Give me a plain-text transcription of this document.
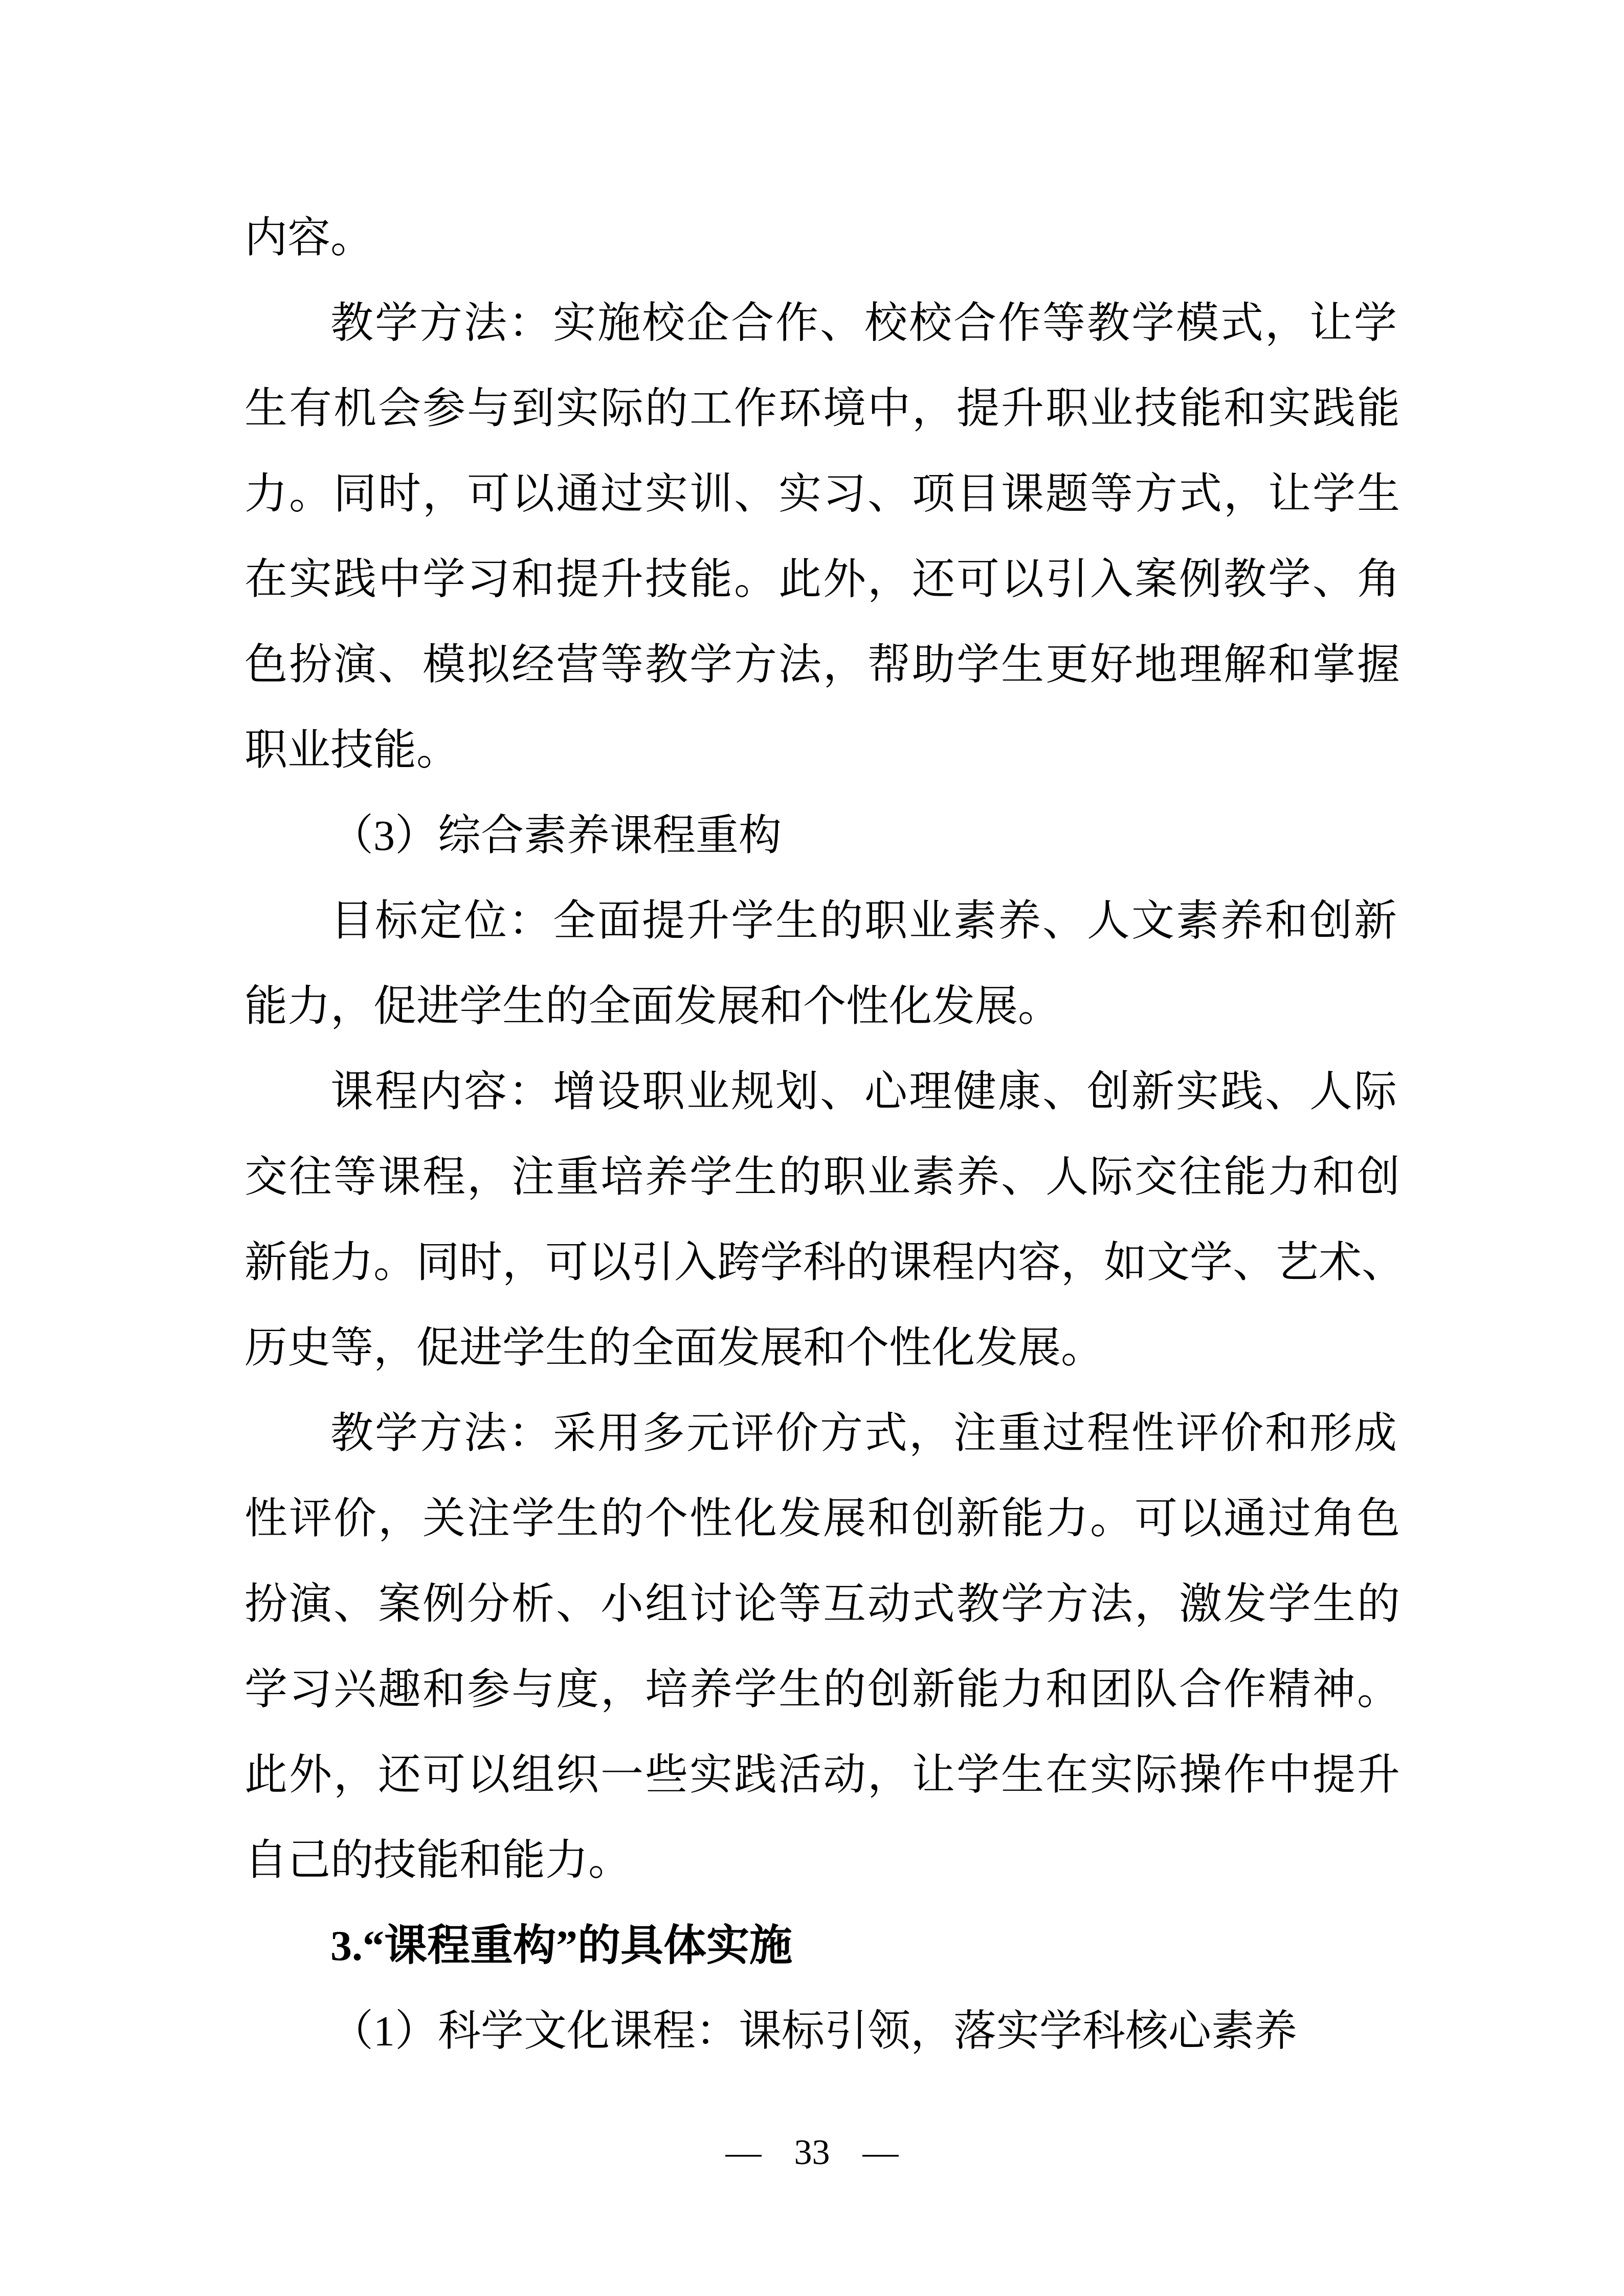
内容。
教学方法：实施校企合作、校校合作等教学模式，让学
生有机会参与到实际的工作环境中，提升职业技能和实践能
力。同时，可以通过实训、实习、项目课题等方式，让学生
在实践中学习和提升技能。此外，还可以引入案例教学、角
色扮演、模拟经营等教学方法，帮助学生更好地理解和掌握
职业技能。
（3）综合素养课程重构
目标定位：全面提升学生的职业素养、人文素养和创新
能力，促进学生的全面发展和个性化发展。
课程内容：增设职业规划、心理健康、创新实践、人际
交往等课程，注重培养学生的职业素养、人际交往能力和创
新能力。同时，可以引入跨学科的课程内容，如文学、艺术、
历史等，促进学生的全面发展和个性化发展。
教学方法：采用多元评价方式，注重过程性评价和形成
性评价，关注学生的个性化发展和创新能力。可以通过角色
扮演、案例分析、小组讨论等互动式教学方法，激发学生的
学习兴趣和参与度，培养学生的创新能力和团队合作精神。
此外，还可以组织一些实践活动，让学生在实际操作中提升
自己的技能和能力。
3.“课程重构”的具体实施
（1）科学文化课程：课标引领，落实学科核心素养
— 33 —
